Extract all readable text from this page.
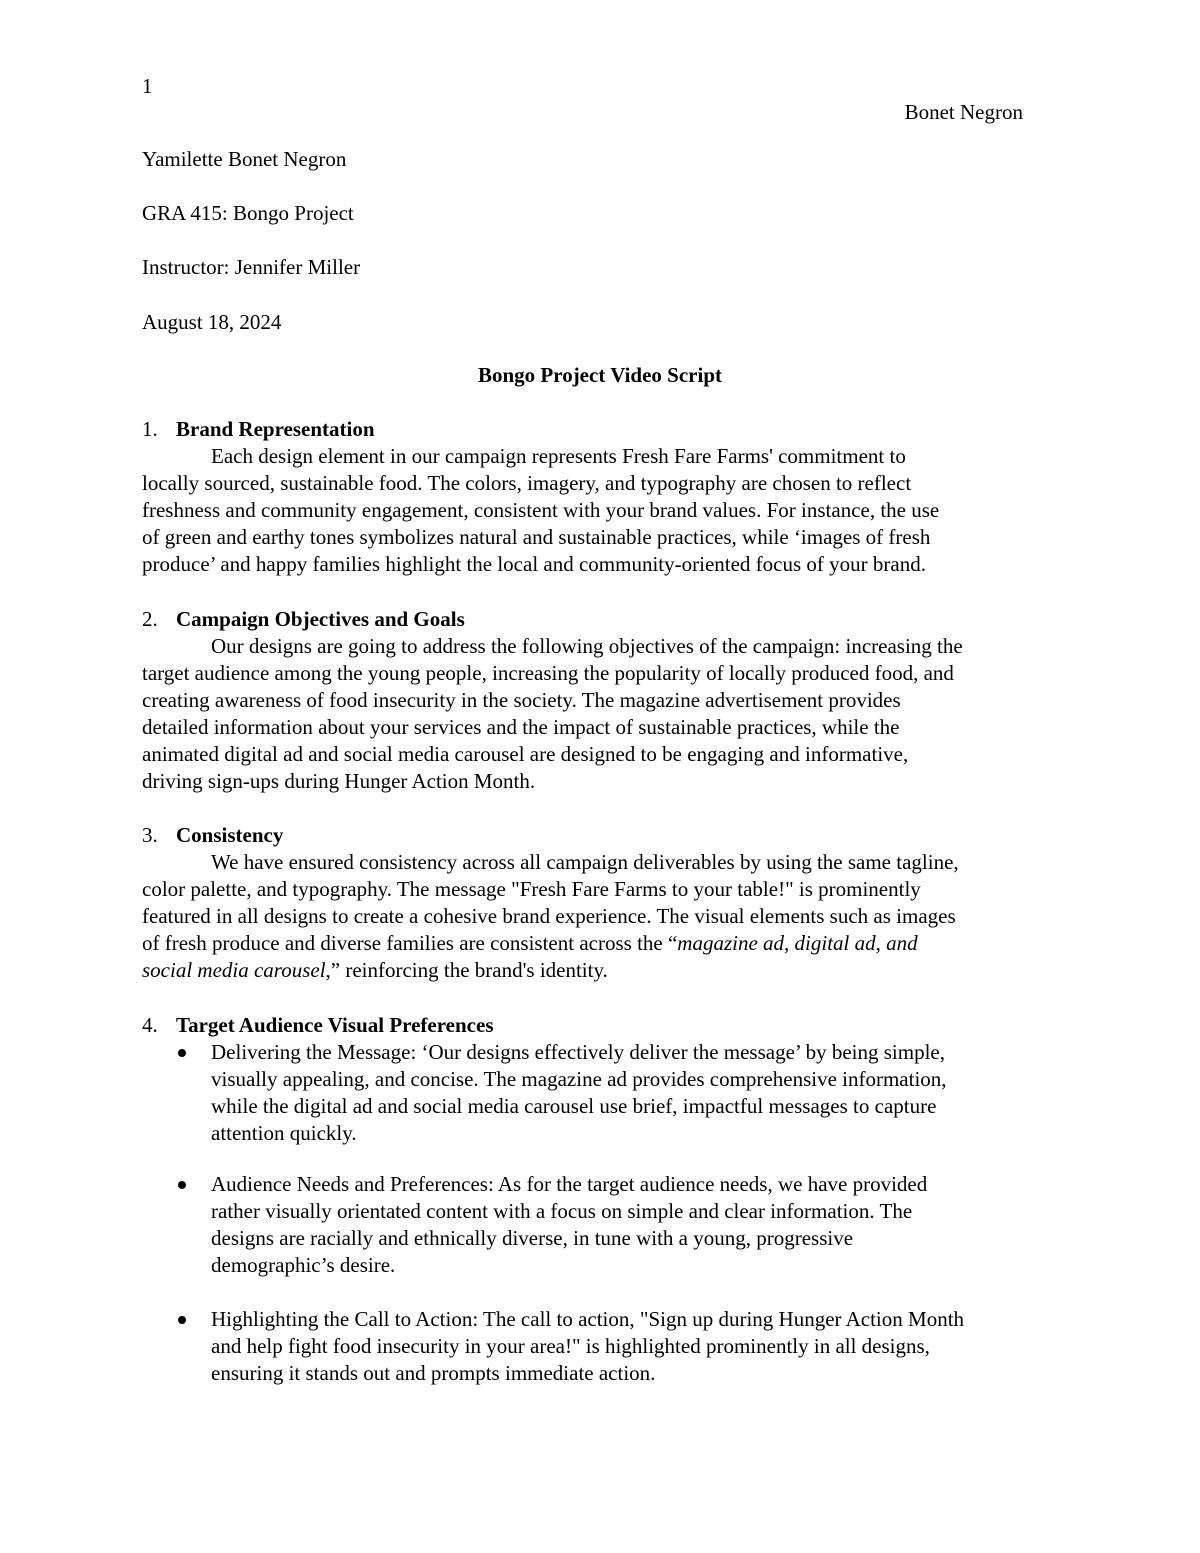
1
Bonet Negron
Yamilette Bonet Negron
GRA 415: Bongo Project
Instructor: Jennifer Miller
August 18, 2024
Bongo Project Video Script
1. Brand Representation

Each design element in our campaign represents Fresh Fare Farms' commitment to

locally sourced, sustainable food. The colors, imagery, and typography are chosen to reflect

freshness and community engagement, consistent with your brand values. For instance, the use

of green and earthy tones symbolizes natural and sustainable practices, while ‘images of fresh

produce’ and happy families highlight the local and community-oriented focus of your brand.

2. Campaign Objectives and Goals

Our designs are going to address the following objectives of the campaign: increasing the

target audience among the young people, increasing the popularity of locally produced food, and

creating awareness of food insecurity in the society. The magazine advertisement provides

detailed information about your services and the impact of sustainable practices, while the

animated digital ad and social media carousel are designed to be engaging and informative,

driving sign-ups during Hunger Action Month.

3. Consistency

We have ensured consistency across all campaign deliverables by using the same tagline,

color palette, and typography. The message "Fresh Fare Farms to your table!" is prominently

featured in all designs to create a cohesive brand experience. The visual elements such as images

of fresh produce and diverse families are consistent across the “magazine ad, digital ad, and

social media carousel,” reinforcing the brand's identity.

4. Target Audience Visual Preferences

Delivering the Message: ‘Our designs effectively deliver the message’ by being simple,

visually appealing, and concise. The magazine ad provides comprehensive information,

while the digital ad and social media carousel use brief, impactful messages to capture

attention quickly.

Audience Needs and Preferences: As for the target audience needs, we have provided

rather visually orientated content with a focus on simple and clear information. The

designs are racially and ethnically diverse, in tune with a young, progressive

demographic’s desire.

Highlighting the Call to Action: The call to action, "Sign up during Hunger Action Month

and help fight food insecurity in your area!" is highlighted prominently in all designs,

ensuring it stands out and prompts immediate action.
